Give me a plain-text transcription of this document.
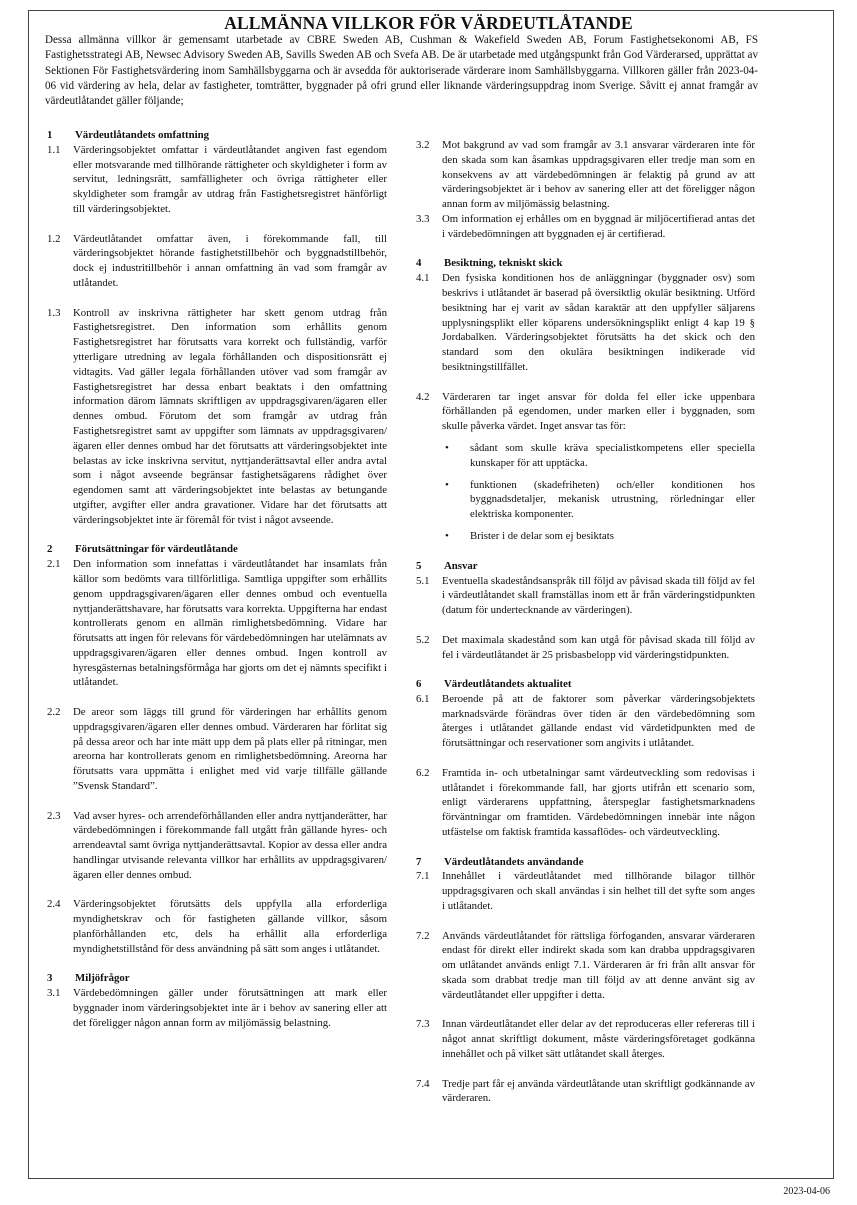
ALLMÄNNA VILLKOR FÖR VÄRDEUTLÅTANDE
Dessa allmänna villkor är gemensamt utarbetade av CBRE Sweden AB, Cushman & Wakefield Sweden AB, Forum Fastighetsekonomi AB, FS Fastighetsstrategi AB, Newsec Advisory Sweden AB, Savills Sweden AB och Svefa AB. De är utarbetade med utgångspunkt från God Värderarsed, upprättat av Sektionen För Fastighetsvärdering inom Samhällsbyggarna och är avsedda för auktoriserade värderare inom Samhällsbyggarna. Villkoren gäller från 2023-04-06 vid värdering av hela, delar av fastigheter, tomträtter, byggnader på ofri grund eller liknande värderingsuppdrag inom Sverige. Såvitt ej annat framgår av värdeutlåtandet gäller följande;
1	Värdeutlåtandets omfattning
1.1	Värderingsobjektet omfattar i värdeutlåtandet angiven fast egendom eller motsvarande med tillhörande rättigheter och skyldigheter i form av servitut, ledningsrätt, samfälligheter och övriga rättigheter eller skyldigheter som framgår av utdrag från Fastighetsregistret hänförligt till värderingsobjektet.
1.2	Värdeutlåtandet omfattar även, i förekommande fall, till värderingsobjektet hörande fastighetstillbehör och byggnadstillbehör, dock ej industritillbehör i annan omfattning än vad som framgår av utlåtandet.
1.3	Kontroll av inskrivna rättigheter har skett genom utdrag från Fastighetsregistret. Den information som erhållits genom Fastighetsregistret har förutsatts vara korrekt och fullständig, varför ytterligare utredning av legala förhållanden och dispositionsrätt ej vidtagits. Vad gäller legala förhållanden utöver vad som framgår av Fastighetsregistret har dessa enbart beaktats i den omfattning information därom lämnats skriftligen av uppdragsgivaren/ägaren eller dennes ombud. Förutom det som framgår av utdrag från Fastighetsregistret samt av uppgifter som lämnats av uppdragsgivaren/ägaren eller dennes ombud har det förutsatts att värderingsobjektet inte belastas av icke inskrivna servitut, nyttjanderättsavtal eller andra avtal som i något avseende begränsar fastighetsägarens rådighet över egendomen samt att värderingsobjektet inte belastas av betungande utgifter, avgifter eller andra gravationer. Vidare har det förutsatts att värderingsobjektet inte är föremål för tvist i något avseende.
2	Förutsättningar för värdeutlåtande
2.1	Den information som innefattas i värdeutlåtandet har insamlats från källor som bedömts vara tillförlitliga. Samtliga uppgifter som erhållits genom uppdragsgivaren/ägaren eller dennes ombud och eventuella nyttjanderättshavare, har förutsatts vara korrekta. Uppgifterna har endast kontrollerats genom en allmän rimlighetsbedömning. Vidare har förutsatts att ingen för relevans för värdebedömningen har utelämnats av uppdragsgivaren/ägaren eller dennes ombud. Ingen kontroll av hyresgästernas betalningsförmåga har gjorts om det ej nämnts specifikt i utlåtandet.
2.2	De areor som läggs till grund för värderingen har erhållits genom uppdragsgivaren/ägaren eller dennes ombud. Värderaren har förlitat sig på dessa areor och har inte mätt upp dem på plats eller på ritningar, men areorna har kontrollerats genom en rimlighetsbedömning. Areorna har förutsatts vara uppmätta i enlighet med vid varje tillfälle gällande ”Svensk Standard”.
2.3	Vad avser hyres- och arrendeförhållanden eller andra nyttjanderätter, har värdebedömningen i förekommande fall utgått från gällande hyres- och arrendeavtal samt övriga nyttjanderättsavtal. Kopior av dessa eller andra handlingar utvisande relevanta villkor har erhållits av uppdragsgivaren/ägaren eller dennes ombud.
2.4	Värderingsobjektet förutsätts dels uppfylla alla erforderliga myndighetskrav och för fastigheten gällande villkor, såsom planförhållanden etc, dels ha erhållit alla erforderliga myndighetstillstånd för dess användning på sätt som anges i utlåtandet.
3	Miljöfrågor
3.1	Värdebedömningen gäller under förutsättningen att mark eller byggnader inom värderingsobjektet inte är i behov av sanering eller att det föreligger någon annan form av miljömässig belastning.
3.2	Mot bakgrund av vad som framgår av 3.1 ansvarar värderaren inte för den skada som kan åsamkas uppdragsgivaren eller tredje man som en konsekvens av att värdebedömningen är felaktig på grund av att värderingsobjektet är i behov av sanering eller att det föreligger någon annan form av miljömässig belastning.
3.3	Om information ej erhålles om en byggnad är miljöcertifierad antas det i värdebedömningen att byggnaden ej är certifierad.
4	Besiktning, tekniskt skick
4.1	Den fysiska konditionen hos de anläggningar (byggnader osv) som beskrivs i utlåtandet är baserad på översiktlig okulär besiktning. Utförd besiktning har ej varit av sådan karaktär att den uppfyller säljarens upplysningsplikt eller köparens undersökningsplikt enligt 4 kap 19 § Jordabalken. Värderingsobjektet förutsätts ha det skick och den standard som den okulära besiktningen indikerade vid besiktningstillfället.
4.2	Värderaren tar inget ansvar för dolda fel eller icke uppenbara förhållanden på egendomen, under marken eller i byggnaden, som skulle påverka värdet. Inget ansvar tas för:
• sådant som skulle kräva specialistkompetens eller speciella kunskaper för att upptäcka.
• funktionen (skadefriheten) och/eller konditionen hos byggnadsdetaljer, mekanisk utrustning, rörledningar eller elektriska komponenter.
• Brister i de delar som ej besiktats
5	Ansvar
5.1	Eventuella skadeståndsanspråk till följd av påvisad skada till följd av fel i värdeutlåtandet skall framställas inom ett år från värderingstidpunkten (datum för undertecknande av värderingen).
5.2	Det maximala skadestånd som kan utgå för påvisad skada till följd av fel i värdeutlåtandet är 25 prisbasbelopp vid värderingstidpunkten.
6	Värdeutlåtandets aktualitet
6.1	Beroende på att de faktorer som påverkar värderingsobjektets marknadsvärde förändras över tiden är den värdebedömning som återges i utlåtandet gällande endast vid värdetidpunkten med de förutsättningar och reservationer som angivits i utlåtandet.
6.2	Framtida in- och utbetalningar samt värdeutveckling som redovisas i utlåtandet i förekommande fall, har gjorts utifrån ett scenario som, enligt värderarens uppfattning, återspeglar fastighetsmarknadens förväntningar om framtiden. Värdebedömningen innebär inte någon utfästelse om faktisk framtida kassaflödes- och värdeutveckling.
7	Värdeutlåtandets användande
7.1	Innehållet i värdeutlåtandet med tillhörande bilagor tillhör uppdragsgivaren och skall användas i sin helhet till det syfte som anges i utlåtandet.
7.2	Används värdeutlåtandet för rättsliga förfoganden, ansvarar värderaren endast för direkt eller indirekt skada som kan drabba uppdragsgivaren om utlåtandet används enligt 7.1. Värderaren är fri från allt ansvar för skada som drabbat tredje man till följd av att denne använt sig av värdeutlåtandet eller uppgifter i detta.
7.3	Innan värdeutlåtandet eller delar av det reproduceras eller refereras till i något annat skriftligt dokument, måste värderingsföretaget godkänna innehållet och på vilket sätt utlåtandet skall återges.
7.4	Tredje part får ej använda värdeutlåtande utan skriftligt godkännande av värderaren.
2023-04-06
